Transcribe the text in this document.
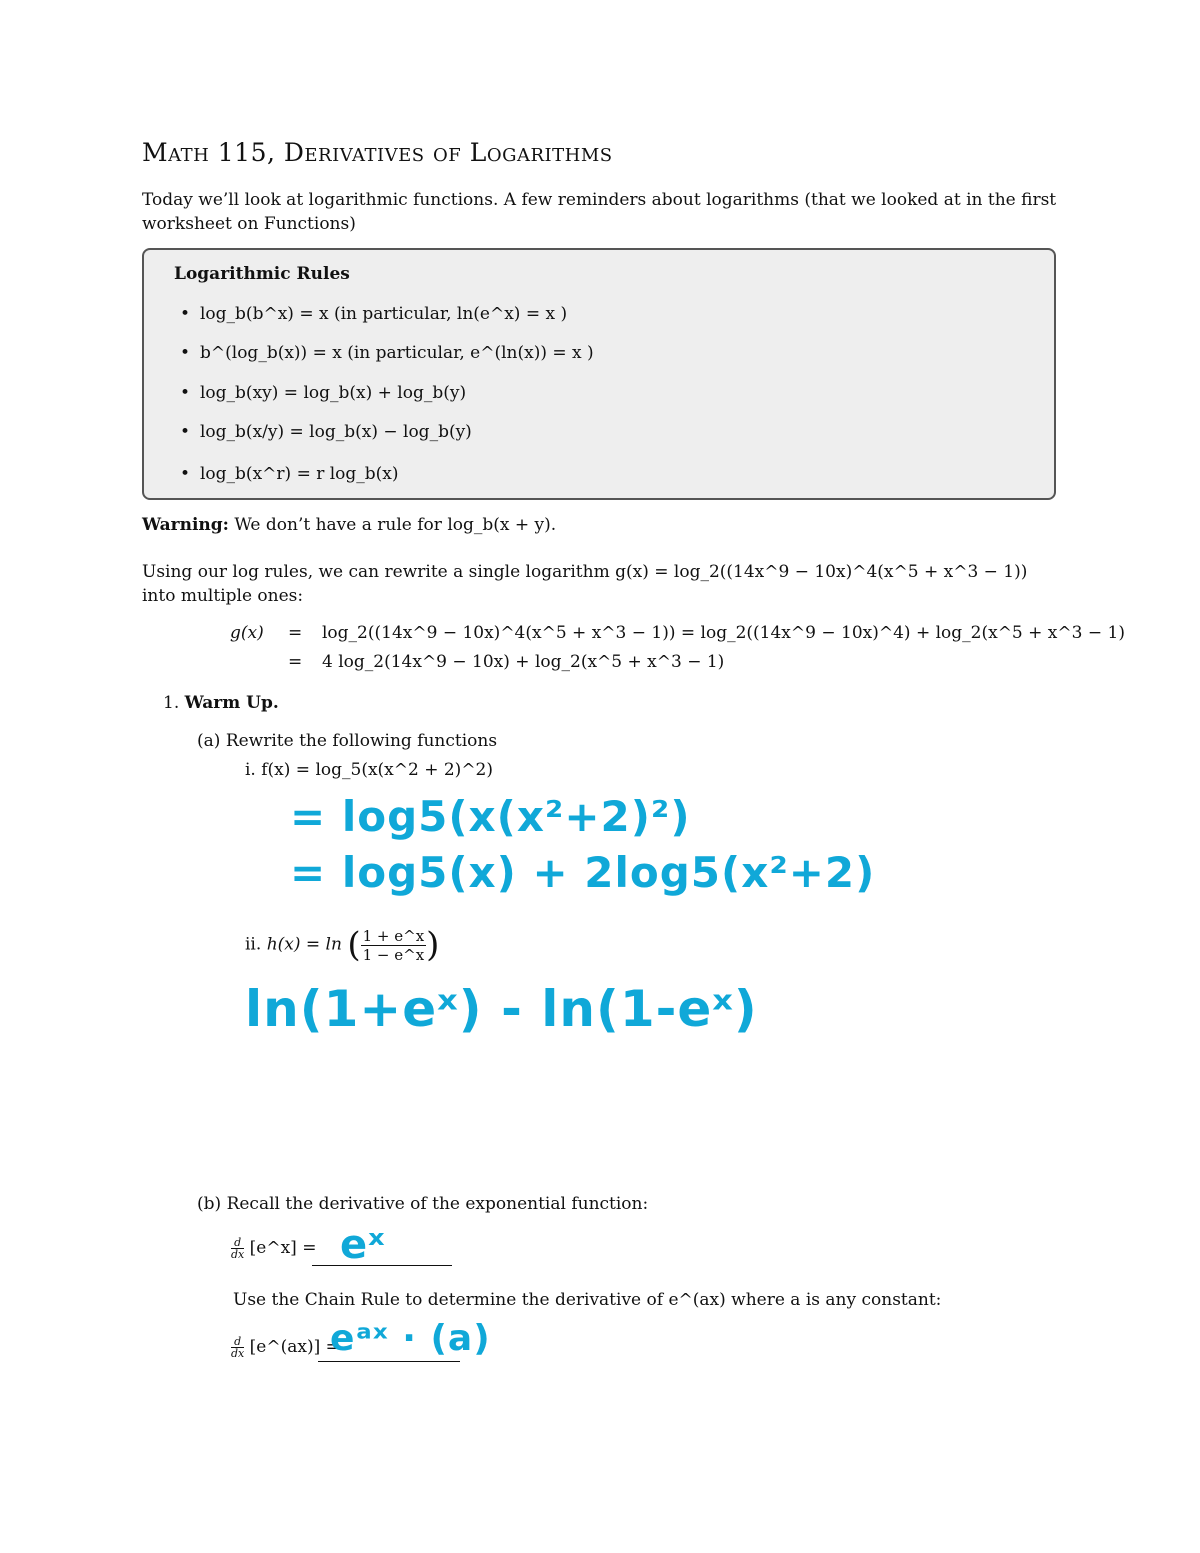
Math 115, Derivatives of Logarithms
Today we’ll look at logarithmic functions. A few reminders about logarithms (that we looked at in the first worksheet on Functions)
Logarithmic Rules
• log_b(b^x) = x (in particular, ln(e^x) = x )
• b^(log_b(x)) = x (in particular, e^(ln(x)) = x )
• log_b(xy) = log_b(x) + log_b(y)
• log_b(x/y) = log_b(x) − log_b(y)
• log_b(x^r) = r log_b(x)
Warning: We don’t have a rule for log_b(x + y).
Using our log rules, we can rewrite a single logarithm g(x) = log_2((14x^9 − 10x)^4(x^5 + x^3 − 1)) into multiple ones:
g(x) = log_2((14x^9 − 10x)^4(x^5 + x^3 − 1)) = log_2((14x^9 − 10x)^4) + log_2(x^5 + x^3 − 1)
= 4 log_2(14x^9 − 10x) + log_2(x^5 + x^3 − 1)
1. Warm Up.
(a) Rewrite the following functions
i. f(x) = log_5(x(x^2 + 2)^2)
= log5(x(x²+2)²)
= log5(x) + 2log5(x²+2)
ii. h(x) = ln ( $\frac{1 + e\^{}x}{1 - e\^{}x}$ )
ln(1+eˣ) - ln(1-eˣ)
(b) Recall the derivative of the exponential function:
$\frac{d}{dx}$ [e^x] = eˣ
Use the Chain Rule to determine the derivative of e^(ax) where a is any constant:
$\frac{d}{dx}$ [e^(ax)] =
eᵃˣ · (a)
